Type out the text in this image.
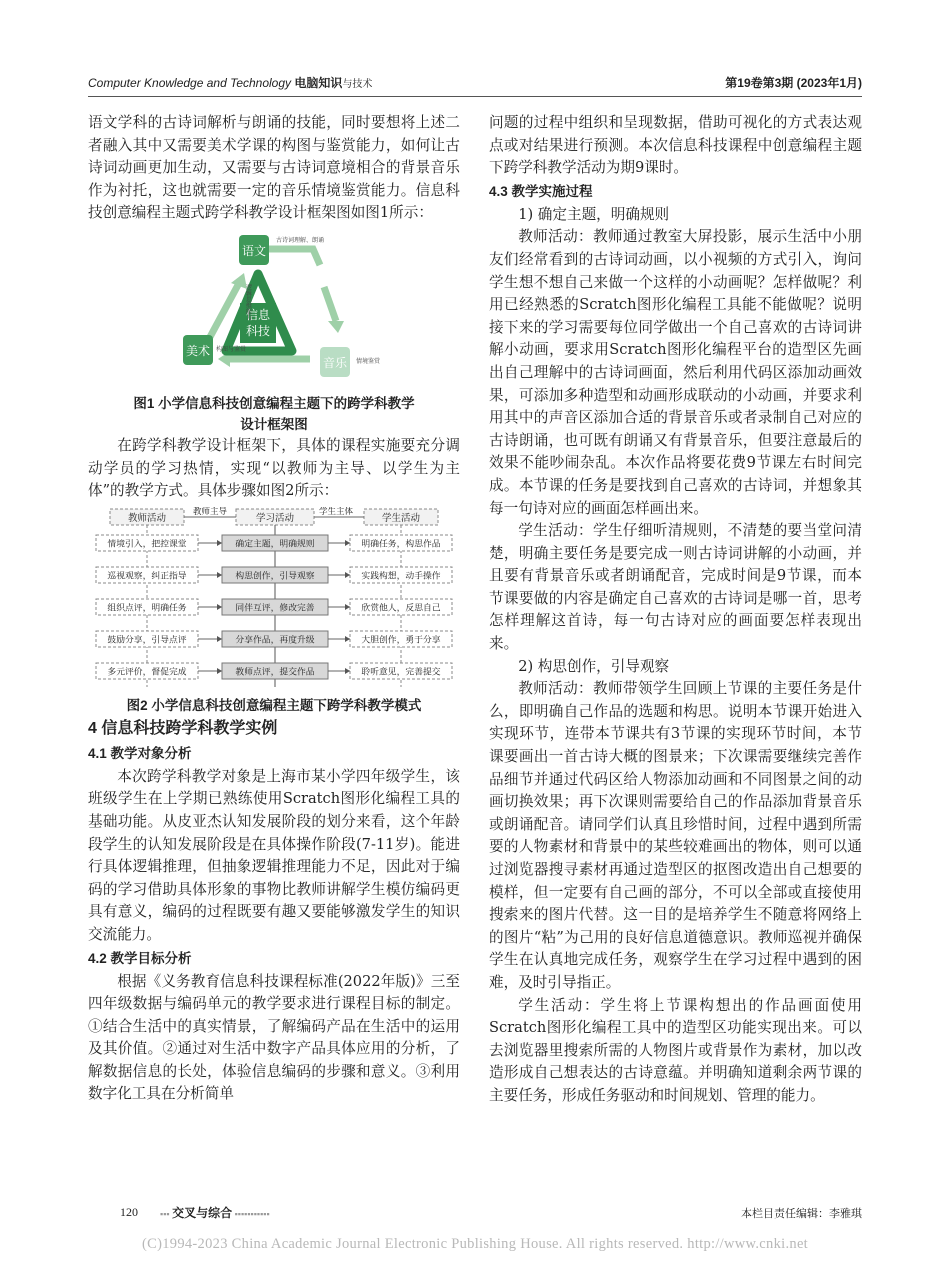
Computer Knowledge and Technology 电脑知识与技术	第19卷第3期 (2023年1月)

语文学科的古诗词解析与朗诵的技能，同时要想将上述二者融入其中又需要美术学课的构图与鉴赏能力，如何让古诗词动画更加生动，又需要与古诗词意境相合的背景音乐作为衬托，这也就需要一定的音乐情境鉴赏能力。信息科技创意编程主题式跨学科教学设计框架图如图1所示：

信息
科技
语文
美术
音乐
古诗词理解、朗诵
逻辑思维能力
构图与鉴赏
情境鉴赏

图1 小学信息科技创意编程主题下的跨学科教学
设计框架图

在跨学科教学设计框架下，具体的课程实施要充分调动学员的学习热情，实现“以教师为主导、以学生为主体”的教学方式。具体步骤如图2所示：

教师活动	学习活动	学生活动
教师主导	学生主体
情境引入，把控课堂	确定主题，明确规则	明确任务，构思作品
巡视观察，纠正指导	构思创作，引导观察	实践构想，动手操作
组织点评，明确任务	同伴互评，修改完善	欣赏他人，反思自己
鼓励分享，引导点评	分享作品，再度升级	大胆创作，勇于分享
多元评价，督促完成	教师点评，提交作品	聆听意见，完善提交

图2 小学信息科技创意编程主题下跨学科教学模式

4 信息科技跨学科教学实例

4.1 教学对象分析

本次跨学科教学对象是上海市某小学四年级学生，该班级学生在上学期已熟练使用Scratch图形化编程工具的基础功能。从皮亚杰认知发展阶段的划分来看，这个年龄段学生的认知发展阶段是在具体操作阶段(7-11岁)。能进行具体逻辑推理，但抽象逻辑推理能力不足，因此对于编码的学习借助具体形象的事物比教师讲解学生模仿编码更具有意义，编码的过程既要有趣又要能够激发学生的知识交流能力。

4.2 教学目标分析

根据《义务教育信息科技课程标准(2022年版)》三至四年级数据与编码单元的教学要求进行课程目标的制定。①结合生活中的真实情景，了解编码产品在生活中的运用及其价值。②通过对生活中数字产品具体应用的分析，了解数据信息的长处，体验信息编码的步骤和意义。③利用数字化工具在分析简单

问题的过程中组织和呈现数据，借助可视化的方式表达观点或对结果进行预测。本次信息科技课程中创意编程主题下跨学科教学活动为期9课时。

4.3 教学实施过程

1) 确定主题，明确规则

教师活动：教师通过教室大屏投影，展示生活中小朋友们经常看到的古诗词动画，以小视频的方式引入，询问学生想不想自己来做一个这样的小动画呢？怎样做呢？利用已经熟悉的Scratch图形化编程工具能不能做呢？说明接下来的学习需要每位同学做出一个自己喜欢的古诗词讲解小动画，要求用Scratch图形化编程平台的造型区先画出自己理解中的古诗词画面，然后利用代码区添加动画效果，可添加多种造型和动画形成联动的小动画，并要求利用其中的声音区添加合适的背景音乐或者录制自己对应的古诗朗诵，也可既有朗诵又有背景音乐，但要注意最后的效果不能吵闹杂乱。本次作品将要花费9节课左右时间完成。本节课的任务是要找到自己喜欢的古诗词，并想象其每一句诗对应的画面怎样画出来。

学生活动：学生仔细听清规则，不清楚的要当堂问清楚，明确主要任务是要完成一则古诗词讲解的小动画，并且要有背景音乐或者朗诵配音，完成时间是9节课，而本节课要做的内容是确定自己喜欢的古诗词是哪一首，思考怎样理解这首诗，每一句古诗对应的画面要怎样表现出来。

2) 构思创作，引导观察

教师活动：教师带领学生回顾上节课的主要任务是什么，即明确自己作品的选题和构思。说明本节课开始进入实现环节，连带本节课共有3节课的实现环节时间，本节课要画出一首古诗大概的图景来；下次课需要继续完善作品细节并通过代码区给人物添加动画和不同图景之间的动画切换效果；再下次课则需要给自己的作品添加背景音乐或朗诵配音。请同学们认真且珍惜时间，过程中遇到所需要的人物素材和背景中的某些较难画出的物体，则可以通过浏览器搜寻素材再通过造型区的抠图改造出自己想要的模样，但一定要有自己画的部分，不可以全部或直接使用搜索来的图片代替。这一目的是培养学生不随意将网络上的图片“粘”为己用的良好信息道德意识。教师巡视并确保学生在认真地完成任务，观察学生在学习过程中遇到的困难，及时引导指正。

学生活动：学生将上节课构想出的作品画面使用Scratch图形化编程工具中的造型区功能实现出来。可以去浏览器里搜索所需的人物图片或背景作为素材，加以改造形成自己想表达的古诗意蕴。并明确知道剩余两节课的主要任务，形成任务驱动和时间规划、管理的能力。

120 ▪▪▪ 交叉与综合 ▪▪▪▪▪▪▪▪▪▪▪	本栏目责任编辑：李雅琪
(C)1994-2023 China Academic Journal Electronic Publishing House. All rights reserved. http://www.cnki.net
